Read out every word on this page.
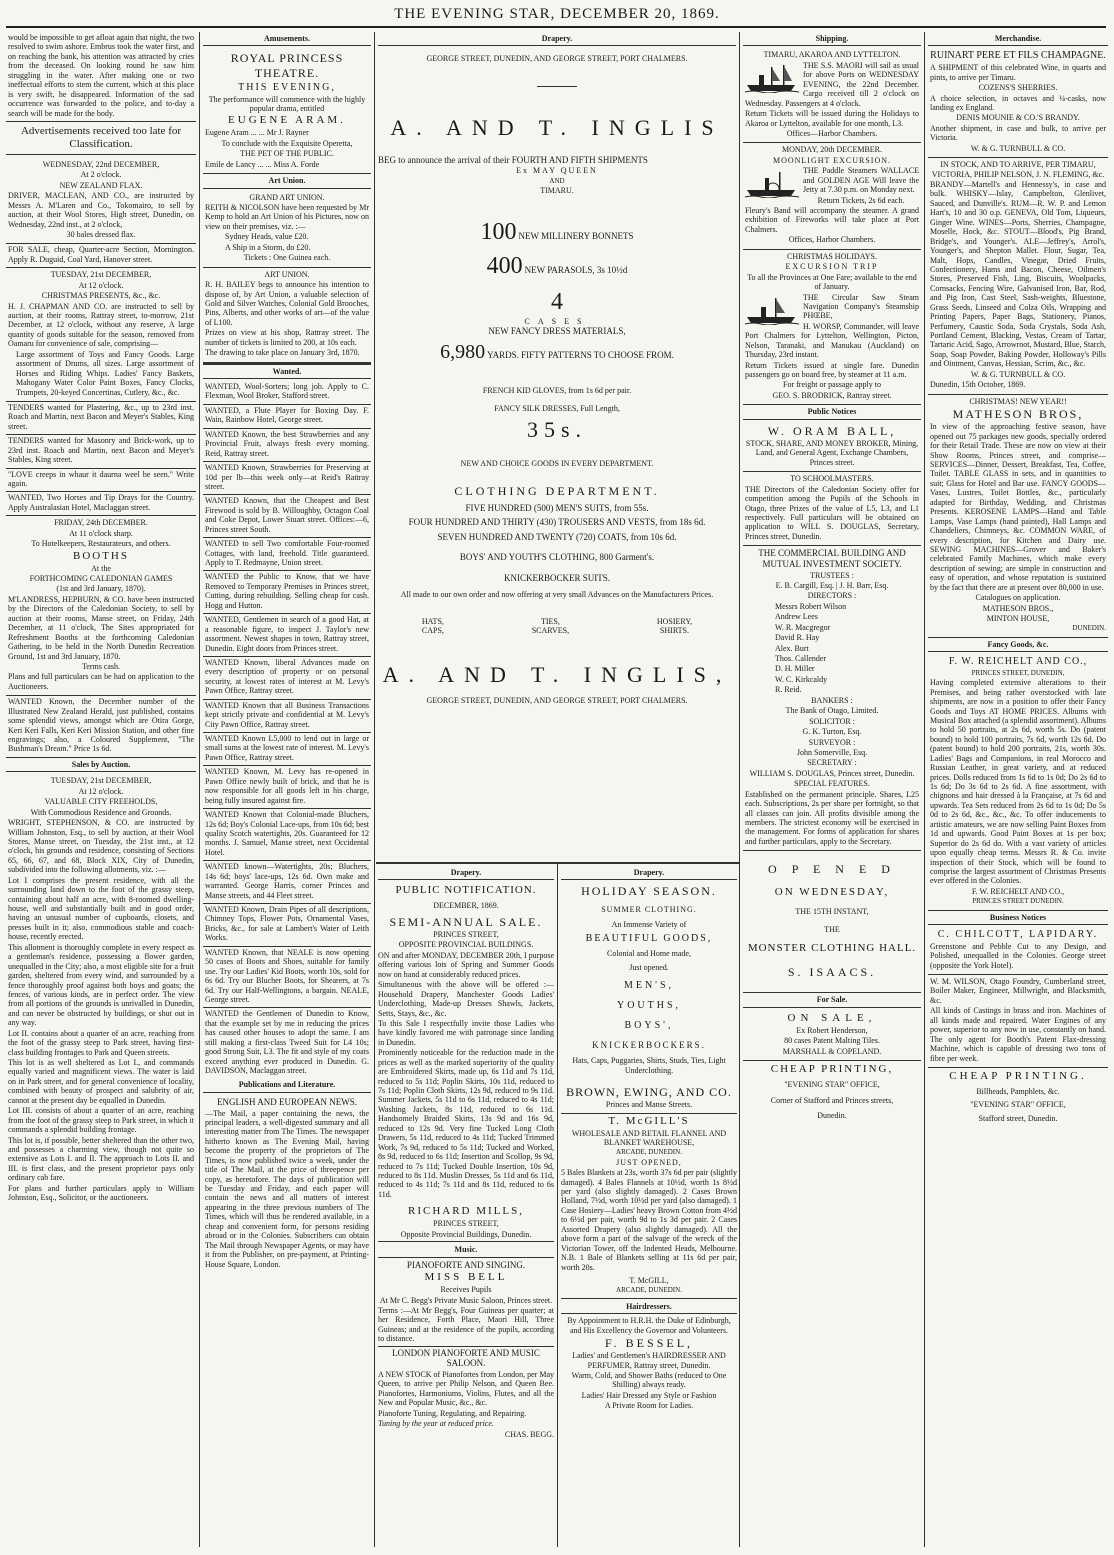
THE EVENING STAR, DECEMBER 20, 1869.
would be impossible to get afloat again that night, the two resolved to swim ashore. Embrus took the water first, and on reaching the bank, his attention was attracted by cries from the deceased. On looking round he saw him struggling in the water. After making one or two ineffectual efforts to stem the current, which at this place is very swift, he disappeared. Information of the sad occurrence was forwarded to the police, and to-day a search will be made for the body.
Advertisements received too late for Classification.

WEDNESDAY, 22nd DECEMBER,

At 2 o'clock.

NEW ZEALAND FLAX.

DRIVER, MACLEAN, AND CO., are instructed by Messrs A. M'Laren and Co., Tokomairo, to sell by auction, at their Wool Stores, High street, Dunedin, on Wednesday, 22nd inst., at 2 o'clock,

30 bales dressed flax.

FOR SALE, cheap, Quarter-acre Section, Mornington. Apply R. Duguid, Coal Yard, Hanover street.

TUESDAY, 21st DECEMBER,

At 12 o'clock.

CHRISTMAS PRESENTS, &c., &c.

H. J. CHAPMAN AND CO. are instructed to sell by auction, at their rooms, Rattray street, to-morrow, 21st December, at 12 o'clock, without any reserve, A large quantity of goods suitable for the season, removed from Oamaru for convenience of sale, comprising—

Large assortment of Toys and Fancy Goods. Large assortment of Drums, all sizes. Large assortment of Horses and Riding Whips. Ladies' Fancy Baskets, Mahogany Water Color Paint Boxes, Fancy Clocks, Trumpets, 20-keyed Concertinas, Cutlery, &c., &c.

TENDERS wanted for Plastering, &c., up to 23rd inst. Roach and Martin, next Bacon and Meyer's Stables, King street.
TENDERS wanted for Masonry and Brick-work, up to 23rd inst. Roach and Martin, next Bacon and Meyer's Stables, King street.
"LOVE creeps in whaur it daurna weel be seen." Write again.
WANTED, Two Horses and Tip Drays for the Country. Apply Australasian Hotel, Maclaggan street.

FRIDAY, 24th DECEMBER.

At 11 o'clock sharp.

To Hotelkeepers, Restaurateurs, and others.

BOOTHS

At the

FORTHCOMING CALEDONIAN GAMES

(1st and 3rd January, 1870).

M'LANDRESS, HEPBURN, & CO. have been instructed by the Directors of the Caledonian Society, to sell by auction at their rooms, Manse street, on Friday, 24th December, at 11 o'clock, The Sites appropriated for Refreshment Booths at the forthcoming Caledonian Gathering, to be held in the North Dunedin Recreation Ground, 1st and 3rd January, 1870.

Terms cash.

Plans and full particulars can be had on application to the Auctioneers.

WANTED Known, the December number of the Illustrated New Zealand Herald, just published, contains some splendid views, amongst which are Otira Gorge, Keri Keri Falls, Keri Keri Mission Station, and other fine engravings; also, a Coloured Supplement, "The Bushman's Dream." Price 1s 6d.
Sales by Auction.

TUESDAY, 21st DECEMBER,

At 12 o'clock.

VALUABLE CITY FREEHOLDS,

With Commodious Residence and Grounds.

WRIGHT, STEPHENSON, & CO. are instructed by William Johnston, Esq., to sell by auction, at their Wool Stores, Manse street, on Tuesday, the 21st inst., at 12 o'clock, his grounds and residence, consisting of Sections 65, 66, 67, and 68, Block XIX, City of Dunedin, subdivided into the following allotments, viz. :—

Lot I comprises the present residence, with all the surrounding land down to the foot of the grassy steep, containing about half an acre, with 8-roomed dwelling-house, well and substantially built and in good order, having an unusual number of cupboards, closets, and presses built in it; also, commodious stable and coach-house, recently erected.

This allotment is thoroughly complete in every respect as a gentleman's residence, possessing a flower garden, unequalled in the City; also, a most eligible site for a fruit garden, sheltered from every wind, and surrounded by a fence thoroughly proof against both boys and goats; the fences, of various kinds, are in perfect order. The view from all portions of the grounds is unrivalled in Dunedin, and can never be obstructed by buildings, or shut out in any way.

Lot II. contains about a quarter of an acre, reaching from the foot of the grassy steep to Park street, having first-class building frontages to Park and Queen streets.

This lot is as well sheltered as Lot I., and commands equally varied and magnificent views. The water is laid on in Park street, and for general convenience of locality, combined with beauty of prospect and salubrity of air, cannot at the present day be equalled in Dunedin.

Lot III. consists of about a quarter of an acre, reaching from the foot of the grassy steep to Park street, in which it commands a splendid building frontage.

This lot is, if possible, better sheltered than the other two, and possesses a charming view, though not quite so extensive as Lots I. and II. The approach to Lots II. and III. is first class, and the present proprietor pays only ordinary cab fare.

For plans and further particulars apply to William Johnston, Esq., Solicitor, or the auctioneers.

Amusements.

ROYAL PRINCESS THEATRE.

THIS EVENING,

The performance will commence with the highly popular drama, entitled

EUGENE ARAM.

Eugene Aram ... ... Mr J. Rayner

To conclude with the Exquisite Operetta,

THE PET OF THE PUBLIC.

Emile de Lancy ... ... Miss A. Forde

Art Union.

GRAND ART UNION.

REITH & NICOLSON have been requested by Mr Kemp to hold an Art Union of his Pictures, now on view on their premises, viz. :—

Sydney Heads, value £20.

A Ship in a Storm, do £20.

Tickets : One Guinea each.

ART UNION.

R. H. BAILEY begs to announce his intention to dispose of, by Art Union, a valuable selection of Gold and Silver Watches, Colonial Gold Brooches, Pins, Alberts, and other works of art—of the value of L100.

Prizes on view at his shop, Rattray street. The number of tickets is limited to 200, at 10s each.

The drawing to take place on January 3rd, 1870.

Wanted.
WANTED, Wool-Sorters; long job. Apply to C. Flexman, Wool Broker, Stafford street.
WANTED, a Flute Player for Boxing Day. F. Wain, Rainbow Hotel, George street.
WANTED Known, the best Strawberries and any Provincial Fruit, always fresh every morning. Reid, Rattray street.
WANTED Known, Strawberries for Preserving at 10d per lb—this week only—at Reid's Rattray street.
WANTED Known, that the Cheapest and Best Firewood is sold by B. Willoughby, Octagon Coal and Coke Depot, Lower Stuart street. Offices:—6, Princes street South.
WANTED to sell Two comfortable Four-roomed Cottages, with land, freehold. Title guaranteed. Apply to T. Redmayne, Union street.
WANTED the Public to Know, that we have Removed to Temporary Premises in Princes street, Cutting, during rebuilding. Selling cheap for cash. Hogg and Hutton.
WANTED, Gentlemen in search of a good Hat, at a reasonable figure, to inspect J. Taylor's new assortment. Newest shapes in town, Rattray street, Dunedin. Eight doors from Princes street.
WANTED Known, liberal Advances made on every description of property or on personal security, at lowest rates of interest at M. Levy's Pawn Office, Rattray street.
WANTED Known that all Business Transactions kept strictly private and confidential at M. Levy's City Pawn Office, Rattray street.
WANTED Known L5,000 to lend out in large or small sums at the lowest rate of interest. M. Levy's Pawn Office, Rattray street.
WANTED Known, M. Levy has re-opened in Pawn Office newly built of brick, and that he is now responsible for all goods left in his charge, being fully insured against fire.
WANTED Known that Colonial-made Bluchers, 12s 6d; Boy's Colonial Lace-ups, from 10s 6d; best quality Scotch watertights, 20s. Guaranteed for 12 months. J. Samuel, Manse street, next Occidental Hotel.
WANTED known—Watertights, 20s; Bluchers, 14s 6d; boys' lace-ups, 12s 6d. Own make and warranted. George Harris, corner Princes and Manse streets, and 44 Fleet street.
WANTED Known, Drain Pipes of all descriptions, Chimney Tops, Flower Pots, Ornamental Vases, Bricks, &c., for sale at Lambert's Water of Leith Works.
WANTED Known, that NEALE is now opening 50 cases of Boots and Shoes, suitable for family use. Try our Ladies' Kid Boots, worth 10s, sold for 6s 6d. Try our Blucher Boots, for Shearers, at 7s 6d. Try our Half-Wellingtons, a bargain. NEALE, George street.
WANTED the Gentlemen of Dunedin to Know, that the example set by me in reducing the prices has caused other houses to adopt the same. I am still making a first-class Tweed Suit for L4 10s; good Strong Suit, L3. The fit and style of my coats exceed anything ever produced in Dunedin. G. DAVIDSON, Maclaggan street.
Publications and Literature.

ENGLISH AND EUROPEAN NEWS.

—The Mail, a paper containing the news, the principal leaders, a well-digested summary and all interesting matter from The Times. The newspaper hitherto known as The Evening Mail, having become the property of the proprietors of The Times, is now published twice a week, under the title of The Mail, at the price of threepence per copy, as heretofore. The days of publication will be Tuesday and Friday, and each paper will contain the news and all matters of interest appearing in the three previous numbers of The Times, which will thus be rendered available, in a cheap and convenient form, for persons residing abroad or in the Colonies. Subscribers can obtain The Mail through Newspaper Agents, or may have it from the Publisher, on pre-payment, at Printing-House Square, London.

Drapery.

GEORGE STREET, DUNEDIN, AND GEORGE STREET, PORT CHALMERS.

A. AND T. INGLIS

BEG to announce the arrival of their FOURTH AND FIFTH SHIPMENTS

Ex MAY QUEEN

AND

TIMARU.

100 NEW MILLINERY BONNETS
400 NEW PARASOLS, 3s 10½d
4
CASES
NEW FANCY DRESS MATERIALS,
6,980 YARDS. FIFTY PATTERNS TO CHOOSE FROM.

FRENCH KID GLOVES, from 1s 6d per pair.

FANCY SILK DRESSES, Full Length,

35s.

NEW AND CHOICE GOODS IN EVERY DEPARTMENT.

CLOTHING DEPARTMENT.

FIVE HUNDRED (500) MEN'S SUITS, from 55s.

FOUR HUNDRED AND THIRTY (430) TROUSERS AND VESTS, from 18s 6d.

SEVEN HUNDRED AND TWENTY (720) COATS, from 10s 6d.

BOYS' AND YOUTH'S CLOTHING, 800 Garment's.

KNICKERBOCKER SUITS.

All made to our own order and now offering at very small Advances on the Manufacturers Prices.

HATS,
CAPS,
TIES,
SCARVES,
HOSIERY,
SHIRTS.

A. AND T. INGLIS,

GEORGE STREET, DUNEDIN, AND GEORGE STREET, PORT CHALMERS.

Drapery.

PUBLIC NOTIFICATION.

DECEMBER, 1869.

SEMI-ANNUAL SALE.

PRINCES STREET,

OPPOSITE PROVINCIAL BUILDINGS.

ON and after MONDAY, DECEMBER 20th, I purpose offering various lots of Spring and Summer Goods now on hand at considerably reduced prices.

Simultaneous with the above will be offered :— Household Drapery, Manchester Goods Ladies' Underclothing, Made-up Dresses Shawls, Jackets, Setts, Stays, &c., &c.

To this Sale I respectfully invite those Ladies who have kindly favored me with patronage since landing in Dunedin.

Prominently noticeable for the reduction made in the prices as well as the marked superiority of the quality are Embroidered Skirts, made up, 6s 11d and 7s 11d, reduced to 5s 11d; Poplin Skirts, 10s 11d, reduced to 7s 11d; Poplin Cloth Skirts, 12s 9d, reduced to 9s 11d. Summer Jackets, 5s 11d to 6s 11d, reduced to 4s 11d; Washing Jackets, 8s 11d, reduced to 6s 11d. Handsomely Braided Skirts, 13s 9d and 16s 9d, reduced to 12s 9d. Very fine Tucked Long Cloth Drawers, 5s 11d, reduced to 4s 11d; Tucked Trimmed Work, 7s 9d, reduced to 5s 11d; Tucked and Worked, 8s 9d, reduced to 6s 11d; Insertion and Scollop, 9s 9d, reduced to 7s 11d; Tucked Double Insertion, 10s 9d, reduced to 8s 11d. Muslin Dresses, 5s 11d and 6s 11d, reduced to 4s 11d; 7s 11d and 8s 11d, reduced to 6s 11d.

RICHARD MILLS,

PRINCES STREET,

Opposite Provincial Buildings, Dunedin.

Music.

PIANOFORTE AND SINGING.

MISS BELL

Receives Pupils

At Mr C. Begg's Private Music Saloon, Princes street.

Terms :—At Mr Begg's, Four Guineas per quarter; at her Residence, Forth Place, Maori Hill, Three Guineas; and at the residence of the pupils, according to distance.

LONDON PIANOFORTE AND MUSIC SALOON.

A NEW STOCK of Pianofortes from London, per May Queen, to arrive per Philip Nelson, and Queen Bee. Pianofortes, Harmoniums, Violins, Flutes, and all the New and Popular Music, &c., &c.

Pianoforte Tuning, Regulating, and Repairing.

Tuning by the year at reduced price.

CHAS. BEGG.

Drapery.

HOLIDAY SEASON.

SUMMER CLOTHING.

An Immense Variety of

BEAUTIFUL GOODS,

Colonial and Home made,

Just opened.

MEN'S,

YOUTHS,

BOYS',

KNICKERBOCKERS.

Hats, Caps, Puggaries, Shirts, Studs, Ties, Light Underclothing.

BROWN, EWING, AND CO.

Princes and Manse Streets.

T. McGILL'S

WHOLESALE AND RETAIL FLANNEL AND BLANKET WAREHOUSE,

ARCADE, DUNEDIN.

JUST OPENED,

5 Bales Blankets at 23s, worth 37s 6d per pair (slightly damaged). 4 Bales Flannels at 10½d, worth 1s 8½d per yard (also slightly damaged). 2 Cases Brown Holland, 7½d, worth 10½d per yard (also damaged). 1 Case Hosiery—Ladies' heavy Brown Cotton from 4½d to 6½d per pair, worth 9d to 1s 3d per pair. 2 Cases Assorted Drapery (also slightly damaged). All the above form a part of the salvage of the wreck of the Victorian Tower, off the Indented Heads, Melbourne. N.B. 1 Bale of Blankets selling at 11s 6d per pair, worth 20s.

T. McGILL,

ARCADE, DUNEDIN.

Hairdressers.

By Appointment to H.R.H. the Duke of Edinburgh, and His Excellency the Governor and Volunteers.

F. BESSEL,

Ladies' and Gentlemen's HAIRDRESSER AND PERFUMER, Rattray street, Dunedin.

Warm, Cold, and Shower Baths (reduced to One Shilling) always ready.

Ladies' Hair Dressed any Style or Fashion

A Private Room for Ladies.

Shipping.

TIMARU, AKAROA AND LYTTELTON.

THE S.S. MAORI will sail as usual for above Ports on WEDNESDAY EVENING, the 22nd December. Cargo received till 2 o'clock on Wednesday. Passengers at 4 o'clock.

Return Tickets will be issued during the Holidays to Akaroa or Lyttelton, available for one month, L3.

Offices—Harbor Chambers.

MONDAY, 20th DECEMBER.

MOONLIGHT EXCURSION.

THE Paddle Steamers WALLACE and GOLDEN AGE Will leave the Jetty at 7.30 p.m. on Monday next.

Return Tickets, 2s 6d each.

Fleury's Band will accompany the steamer. A grand exhibition of Fireworks will take place at Port Chalmers.

Offices, Harbor Chambers.

CHRISTMAS HOLIDAYS.

EXCURSION TRIP

To all the Provinces at One Fare; available to the end of January.

THE Circular Saw Steam Navigation Company's Steamship PHŒBE,

H. WORSP, Commander, will leave Port Chalmers for Lyttelton, Wellington, Picton, Nelson, Taranaki, and Manukau (Auckland) on Thursday, 23rd instant.

Return Tickets issued at single fare. Dunedin passengers go on board free, by steamer at 11 a.m.

For freight or passage apply to

GEO. S. BRODRICK, Rattray street.

Public Notices

W. ORAM BALL,

STOCK, SHARE, AND MONEY BROKER, Mining, Land, and General Agent, Exchange Chambers, Princes street.

TO SCHOOLMASTERS.

THE Directors of the Caledonian Society offer for competition among the Pupils of the Schools in Otago, three Prizes of the value of L5, L3, and L1 respectively. Full particulars will be obtained on application to WILL S. DOUGLAS, Secretary, Princes street, Dunedin.

THE COMMERCIAL BUILDING AND MUTUAL INVESTMENT SOCIETY.

TRUSTEES :

E. B. Cargill, Esq. | J. H. Barr, Esq.

DIRECTORS :

Messrs Robert Wilson

Andrew Lees

W. R. Macgregor

David R. Hay

Alex. Burt

Thos. Callender

D. H. Miller

W. C. Kirkcaldy

R. Reid.

BANKERS :

The Bank of Otago, Limited.

SOLICITOR :

G. K. Turton, Esq.

SURVEYOR :

John Somerville, Esq.

SECRETARY :

WILLIAM S. DOUGLAS, Princes street, Dunedin.

SPECIAL FEATURES.

Established on the permanent principle. Shares, L25 each. Subscriptions, 2s per share per fortnight, so that all classes can join. All profits divisible among the members. The strictest economy will be exercised in the management. For forms of application for shares and further particulars, apply to the Secretary.

O P E N E D

ON WEDNESDAY,

THE 15TH INSTANT,

THE

MONSTER CLOTHING HALL.

S. ISAACS.

For Sale.

ON SALE,

Ex Robert Henderson,

80 cases Patent Malting Tiles.

MARSHALL & COPELAND.

CHEAP PRINTING,

"EVENING STAR" OFFICE,

Corner of Stafford and Princes streets,

Dunedin.

Merchandise.

RUINART PERE ET FILS CHAMPAGNE.

A SHIPMENT of this celebrated Wine, in quarts and pints, to arrive per Timaru.

COZENS'S SHERRIES.

A choice selection, in octaves and ¼-casks, now landing ex England.

DENIS MOUNIE & CO.'S BRANDY.

Another shipment, in case and bulk, to arrive per Victoria.

W. & G. TURNBULL & CO.

IN STOCK, AND TO ARRIVE, PER TIMARU, VICTORIA, PHILIP NELSON, J. N. FLEMING, &c.

BRANDY—Martell's and Hennessy's, in case and bulk. WHISKY—Islay, Campbelton, Glenlivet, Sauced, and Dunville's. RUM—R. W. P. and Lemon Hart's, 10 and 30 o.p. GENEVA, Old Tom, Liqueurs, Ginger Wine. WINES—Ports, Sherries, Champagne, Moselle, Hock, &c. STOUT—Blood's, Pig Brand, Bridge's, and Younger's. ALE—Jeffrey's, Arrol's, Younger's, and Shepton Mallet. Flour, Sugar, Tea, Malt, Hops, Candles, Vinegar, Dried Fruits, Confectionery, Hams and Bacon, Cheese, Oilmen's Stores, Preserved Fish, Ling, Biscuits, Woolpacks, Cornsacks, Fencing Wire, Galvanised Iron, Bar, Rod, and Pig Iron, Cast Steel, Sash-weights, Bluestone, Grass Seeds, Linseed and Colza Oils, Wrapping and Printing Papers, Paper Bags, Stationery, Pianos, Perfumery, Caustic Soda, Soda Crystals, Soda Ash, Portland Cement, Blacking, Vestas, Cream of Tartar, Tartaric Acid, Sago, Arrowroot, Mustard, Blue, Starch, Soap, Soap Powder, Baking Powder, Holloway's Pills and Ointment, Canvas, Hessian, Scrim, &c., &c.

W. & G. TURNBULL & CO.

Dunedin, 15th October, 1869.

CHRISTMAS! NEW YEAR!!

MATHESON BROS,

In view of the approaching festive season, have opened out 75 packages new goods, specially ordered for their Retail Trade. These are now on view at their Show Rooms, Princes street, and comprise— SERVICES—Dinner, Dessert, Breakfast, Tea, Coffee, Toilet. TABLE GLASS in sets, and in quantities to suit; Glass for Hotel and Bar use. FANCY GOODS—Vases, Lustres, Toilet Bottles, &c., particularly adapted for Birthday, Wedding, and Christmas Presents. KEROSENE LAMPS—Hand and Table Lamps, Vase Lamps (hand painted), Hall Lamps and Chandeliers, Chimneys, &c. COMMON WARE, of every description, for Kitchen and Dairy use. SEWING MACHINES—Grover and Baker's celebrated Family Machines, which make every description of sewing; are simple in construction and easy of operation, and whose reputation is sustained by the fact that there are at present over 80,000 in use.

Catalogues on application.

MATHESON BROS.,

MINTON HOUSE,

DUNEDIN.

Fancy Goods, &c.

F. W. REICHELT AND CO.,

PRINCES STREET, DUNEDIN,

Having completed extensive alterations to their Premises, and being rather overstocked with late shipments, are now in a position to offer their Fancy Goods and Toys AT HOME PRICES. Albums with Musical Box attached (a splendid assortment). Albums to hold 50 portraits, at 2s 6d, worth 5s. Do (patent bound) to hold 100 portraits, 7s 6d, worth 12s 6d. Do (patent bound) to hold 200 portraits, 21s, worth 30s. Ladies' Bags and Companions, in real Morocco and Russian Leather, in great variety, and at reduced prices. Dolls reduced from 1s 6d to 1s 0d; Do 2s 6d to 1s 6d; Do 3s 6d to 2s 6d. A fine assortment, with chignons and hair dressed à la Française, at 7s 6d and upwards. Tea Sets reduced from 2s 6d to 1s 0d; Do 5s 0d to 2s 6d, &c., &c., &c. To offer inducements to artistic amateurs, we are now selling Paint Boxes from 1d and upwards. Good Paint Boxes at 1s per box; Superior do 2s 6d do. With a vast variety of articles upon equally cheap terms. Messrs R. & Co. invite inspection of their Stock, which will be found to comprise the largest assortment of Christmas Presents ever offered in the Colonies.

F. W. REICHELT AND CO.,

PRINCES STREET DUNEDIN.

Business Notices

C. CHILCOTT, LAPIDARY.

Greenstone and Pebble Cut to any Design, and Polished, unequalled in the Colonies. George street (opposite the York Hotel).

W. M. WILSON, Otago Foundry, Cumberland street, Boiler Maker, Engineer, Millwright, and Blacksmith, &c.

All kinds of Castings in brass and iron. Machines of all kinds made and repaired. Water Engines of any power, superior to any now in use, constantly on hand. The only agent for Booth's Patent Flax-dressing Machine, which is capable of dressing two tons of fibre per week.

CHEAP PRINTING.

Billheads, Pamphlets, &c.

"EVENING STAR" OFFICE,

Stafford street, Dunedin.
